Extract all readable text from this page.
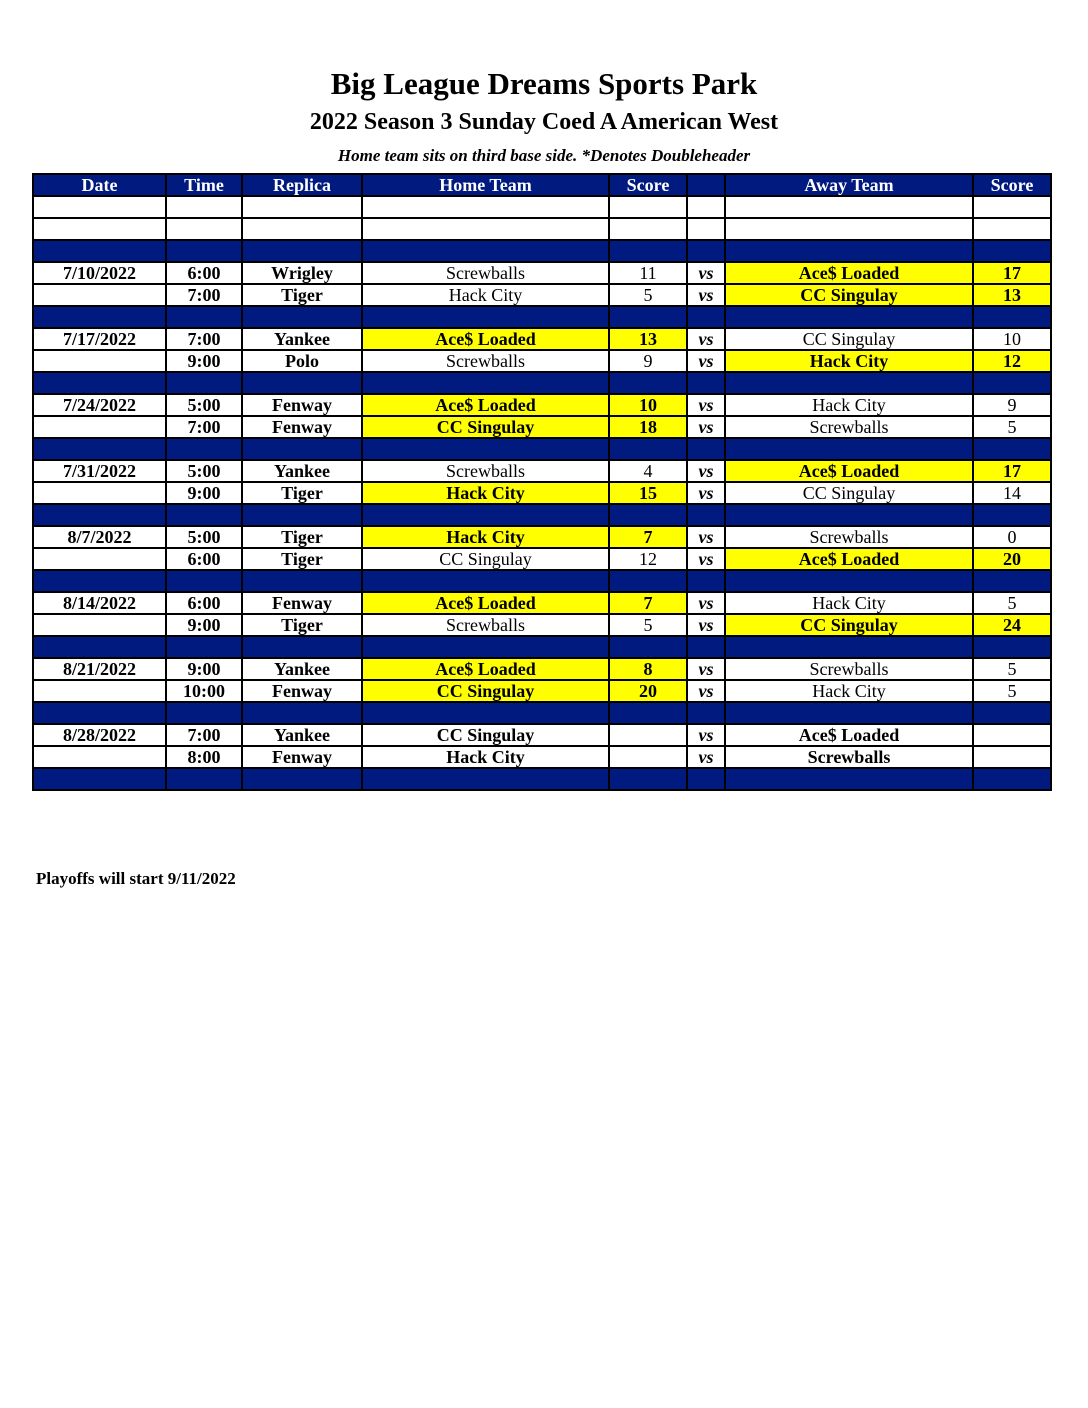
Big League Dreams Sports Park
2022 Season 3 Sunday Coed A American West
Home team sits on third base side. *Denotes Doubleheader
Date	Time	Replica	Home Team	Score		Away Team	Score

7/10/2022	6:00	Wrigley	Screwballs	11	vs	Ace$ Loaded	17
	7:00	Tiger	Hack City	5	vs	CC Singulay	13

7/17/2022	7:00	Yankee	Ace$ Loaded	13	vs	CC Singulay	10
	9:00	Polo	Screwballs	9	vs	Hack City	12

7/24/2022	5:00	Fenway	Ace$ Loaded	10	vs	Hack City	9
	7:00	Fenway	CC Singulay	18	vs	Screwballs	5

7/31/2022	5:00	Yankee	Screwballs	4	vs	Ace$ Loaded	17
	9:00	Tiger	Hack City	15	vs	CC Singulay	14

8/7/2022	5:00	Tiger	Hack City	7	vs	Screwballs	0
	6:00	Tiger	CC Singulay	12	vs	Ace$ Loaded	20

8/14/2022	6:00	Fenway	Ace$ Loaded	7	vs	Hack City	5
	9:00	Tiger	Screwballs	5	vs	CC Singulay	24

8/21/2022	9:00	Yankee	Ace$ Loaded	8	vs	Screwballs	5
	10:00	Fenway	CC Singulay	20	vs	Hack City	5

8/28/2022	7:00	Yankee	CC Singulay		vs	Ace$ Loaded	
	8:00	Fenway	Hack City		vs	Screwballs	

Playoffs will start 9/11/2022
